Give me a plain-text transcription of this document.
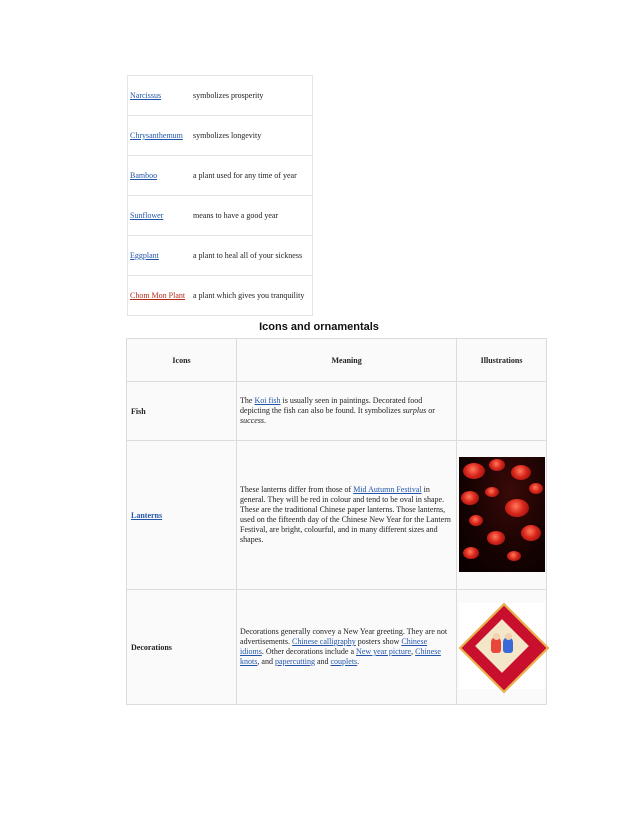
Narcissus	symbolizes prosperity
Chrysanthemum	symbolizes longevity
Bamboo	a plant used for any time of year
Sunflower	means to have a good year
Eggplant	a plant to heal all of your sickness
Chom Mon Plant	a plant which gives you tranquility
Icons and ornamentals
Icons	Meaning	Illustrations
Fish	The Koi fish is usually seen in paintings. Decorated food depicting the fish can also be found. It symbolizes surplus or success.	
Lanterns	These lanterns differ from those of Mid Autumn Festival in general. They will be red in colour and tend to be oval in shape. These are the traditional Chinese paper lanterns. Those lanterns, used on the fifteenth day of the Chinese New Year for the Lantern Festival, are bright, colourful, and in many different sizes and shapes.	

Decorations	Decorations generally convey a New Year greeting. They are not advertisements. Chinese calligraphy posters show Chinese idioms. Other decorations include a New year picture, Chinese knots, and papercutting and couplets.	
